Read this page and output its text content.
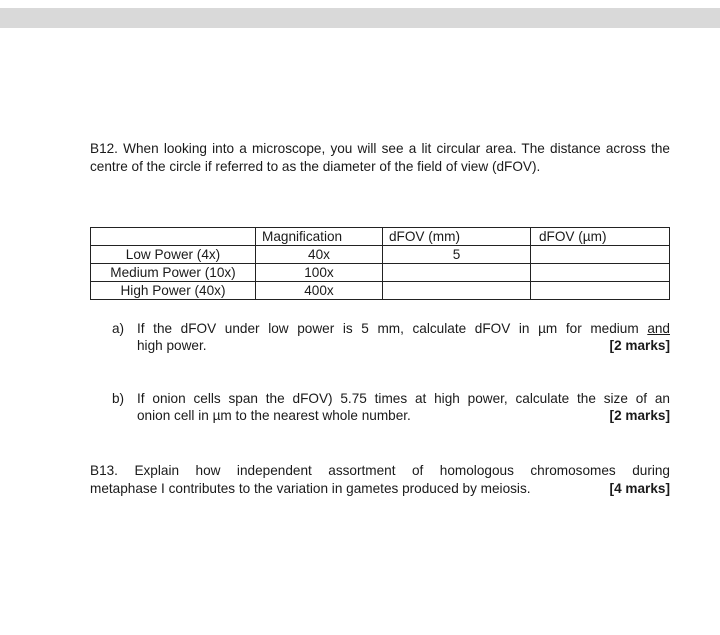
B12. When looking into a microscope, you will see a lit circular area. The distance across the centre of the circle if referred to as the diameter of the field of view (dFOV).
	Magnification	dFOV (mm)	dFOV (µm)
Low Power (4x)	40x	5	
Medium Power (10x)	100x		
High Power (40x)	400x		
a) If the dFOV under low power is 5 mm, calculate dFOV in µm for medium and
high power.	[2 marks]
b) If onion cells span the dFOV) 5.75 times at high power, calculate the size of an
onion cell in µm to the nearest whole number.	[2 marks]
B13. Explain how independent assortment of homologous chromosomes during
metaphase I contributes to the variation in gametes produced by meiosis.	[4 marks]
